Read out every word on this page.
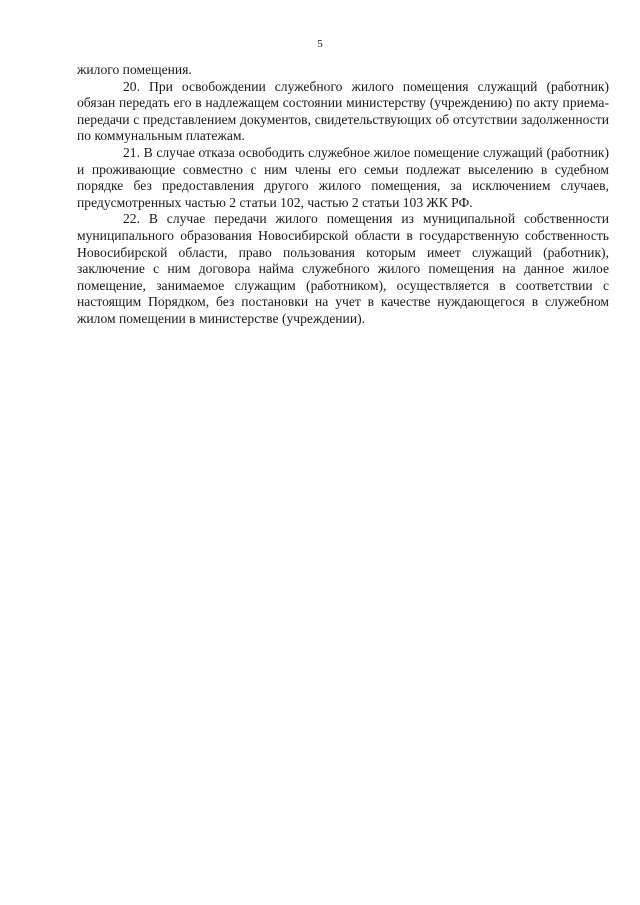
5

жилого помещения.

20. При освобождении служебного жилого помещения служащий (работник) обязан передать его в надлежащем состоянии министерству (учреждению) по акту приема-передачи с представлением документов, свидетельствующих об отсутствии задолженности по коммунальным платежам.

21. В случае отказа освободить служебное жилое помещение служащий (работник) и проживающие совместно с ним члены его семьи подлежат выселению в судебном порядке без предоставления другого жилого помещения, за исключением случаев, предусмотренных частью 2 статьи 102, частью 2 статьи 103 ЖК РФ.

22. В случае передачи жилого помещения из муниципальной собственности муниципального образования Новосибирской области в государственную собственность Новосибирской области, право пользования которым имеет служащий (работник), заключение с ним договора найма служебного жилого помещения на данное жилое помещение, занимаемое служащим (работником), осуществляется в соответствии с настоящим Порядком, без постановки на учет в качестве нуждающегося в служебном жилом помещении в министерстве (учреждении).
